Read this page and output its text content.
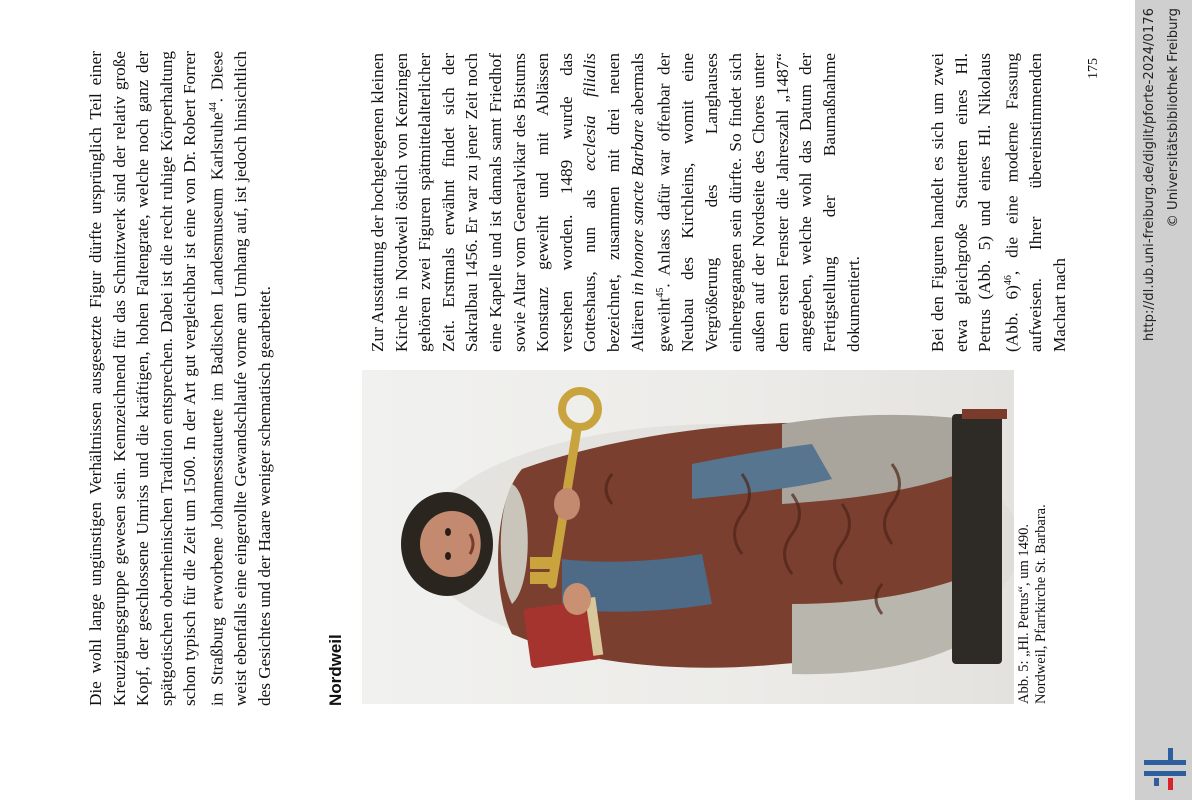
Die wohl lange ungünstigen Verhältnissen ausgesetzte Figur dürfte ursprünglich Teil einer Kreuzigungsgruppe gewesen sein. Kennzeichnend für das Schnitzwerk sind der relativ große Kopf, der geschlossene Umriss und die kräftigen, hohen Faltengrate, welche noch ganz der spätgotischen oberrheinischen Tradition entsprechen. Dabei ist die recht ruhige Körperhaltung schon typisch für die Zeit um 1500. In der Art gut vergleichbar ist eine von Dr. Robert Forrer in Straßburg erworbene Johannesstatuette im Badischen Landesmuseum Karlsruhe$^{44}$. Diese weist ebenfalls eine eingerollte Gewandschlaufe vorne am Umhang auf, ist jedoch hinsichtlich des Gesichtes und der Haare weniger schematisch gearbeitet.	Nordweil	Abb. 5: „Hl. Petrus“, um 1490. Nordweil, Pfarrkirche St. Barbara.

Zur Ausstattung der hochgelegenen kleinen Kirche in Nordweil östlich von Kenzingen gehören zwei Figuren spätmittelalterlicher Zeit. Erstmals erwähnt findet sich der Sakralbau 1456. Er war zu jener Zeit noch eine Kapelle und ist damals samt Friedhof sowie Altar vom Generalvikar des Bistums Konstanz geweiht und mit Ablässen versehen worden. 1489 wurde das Gotteshaus, nun als ecclesia filialis bezeichnet, zusammen mit drei neuen Altären in honore sancte Barbare abermals geweiht$^{45}$. Anlass dafür war offenbar der Neubau des Kirchleins, womit eine Vergrößerung des Langhauses einhergegangen sein dürfte. So findet sich außen auf der Nordseite des Chores unter dem ersten Fenster die Jahreszahl „1487“ angegeben, welche wohl das Datum der Fertigstellung der Baumaßnahme dokumentiert.	Bei den Figuren handelt es sich um zwei etwa gleichgroße Statuetten eines Hl. Petrus (Abb. 5) und eines Hl. Nikolaus (Abb. 6)$^{46}$, die eine moderne Fassung aufweisen. Ihrer übereinstimmenden Machart nach

175	http://dl.ub.uni-freiburg.de/diglit/pforte-2024/0176 © Universitätsbibliothek Freiburg
